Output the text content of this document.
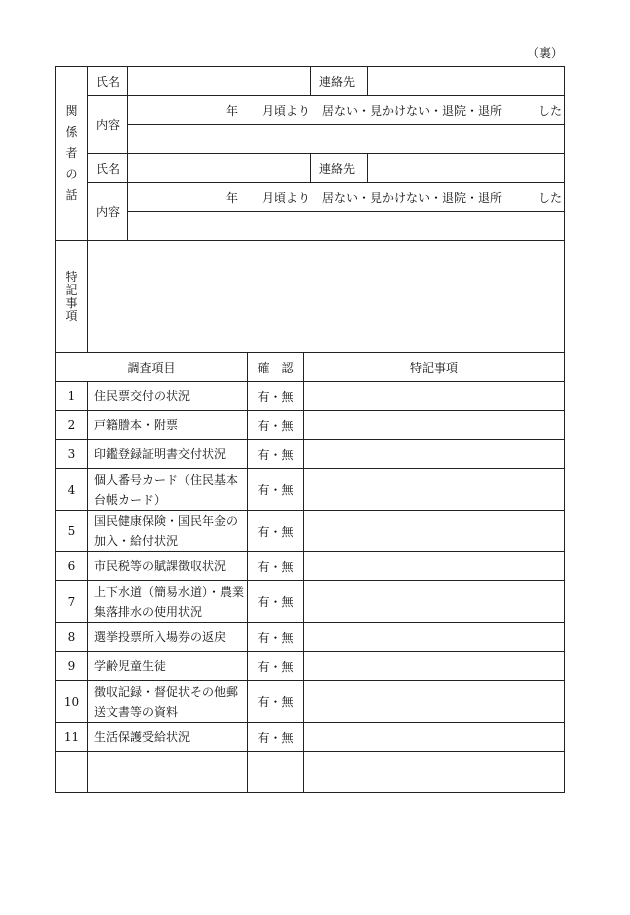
（裏）
関
係
者
の
話	氏名		連絡先	
	内容	年　　月頃より　居ない・見かけない・退院・退所　　　した		

	氏名		連絡先	
	内容	年　　月頃より　居ない・見かけない・退院・退所　　　した		

特
記
事
項				

調査項目		確　認	特記事項
1	住民票交付の状況	有・無	
2	戸籍謄本・附票	有・無	
3	印鑑登録証明書交付状況	有・無	
4	個人番号カード（住民基本台帳カード）	有・無	
5	国民健康保険・国民年金の加入・給付状況	有・無	
6	市民税等の賦課徴収状況	有・無	
7	上下水道（簡易水道）・農業集落排水の使用状況	有・無	
8	選挙投票所入場券の返戻	有・無	
9	学齢児童生徒	有・無	
10	徴収記録・督促状その他郵送文書等の資料	有・無	
11	生活保護受給状況	有・無	
